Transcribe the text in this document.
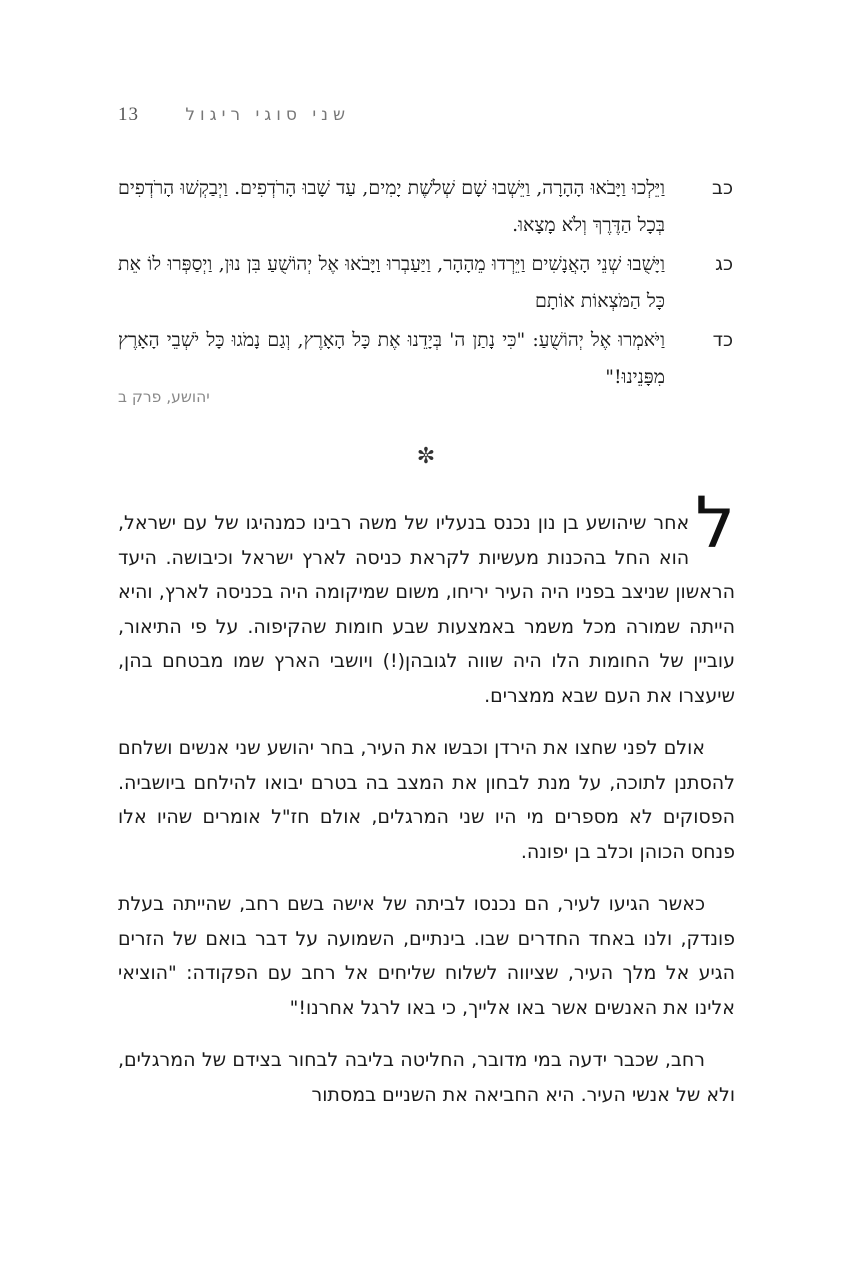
13	שני סוגי ריגול
כב
וַיֵּלְכוּ וַיָּבֹאוּ הָהָרָה, וַיֵּשְׁבוּ שָׁם שְׁלֹשֶׁת יָמִים, עַד שָׁבוּ הָרֹדְפִים. וַיְבַקְשׁוּ הָרֹדְפִים בְּכָל הַדֶּרֶךְ וְלֹא מָצָאוּ.
כג
וַיָּשֻׁבוּ שְׁנֵי הָאֲנָשִׁים וַיֵּרְדוּ מֵהָהָר, וַיַּעַבְרוּ וַיָּבֹאוּ אֶל יְהוֹשֻׁעַ בִּן נוּן, וַיְסַפְּרוּ לוֹ אֵת כָּל הַמֹּצְאוֹת אוֹתָם
כד
וַיֹּאמְרוּ אֶל יְהוֹשֻׁעַ: "כִּי נָתַן ה' בְּיָדֵנוּ אֶת כָּל הָאָרֶץ, וְגַם נָמֹגוּ כָּל יֹשְׁבֵי הָאָרֶץ מִפָּנֵינוּ!"
יהושע, פרק ב
✼

ל
אחר שיהושע בן נון נכנס בנעליו של משה רבינו כמנהיגו של עם ישראל, הוא החל בהכנות מעשיות לקראת כניסה לארץ ישראל וכיבושה. היעד הראשון שניצב בפניו היה העיר יריחו, משום שמיקומה היה בכניסה לארץ, והיא הייתה שמורה מכל משמר באמצעות שבע חומות שהקיפוה. על פי התיאור, עוביין של החומות הלו היה שווה לגובהן(!) ויושבי הארץ שמו מבטחם בהן, שיעצרו את העם שבא ממצרים.

אולם לפני שחצו את הירדן וכבשו את העיר, בחר יהושע שני אנשים ושלחם להסתנן לתוכה, על מנת לבחון את המצב בה בטרם יבואו להילחם ביושביה. הפסוקים לא מספרים מי היו שני המרגלים, אולם חז"ל אומרים שהיו אלו פנחס הכוהן וכלב בן יפונה.

כאשר הגיעו לעיר, הם נכנסו לביתה של אישה בשם רחב, שהייתה בעלת פונדק, ולנו באחד החדרים שבו. בינתיים, השמועה על דבר בואם של הזרים הגיע אל מלך העיר, שציווה לשלוח שליחים אל רחב עם הפקודה: "הוציאי אלינו את האנשים אשר באו אלייך, כי באו לרגל אחרנו!"

רחב, שכבר ידעה במי מדובר, החליטה בליבה לבחור בצידם של המרגלים, ולא של אנשי העיר. היא החביאה את השניים במסתור
